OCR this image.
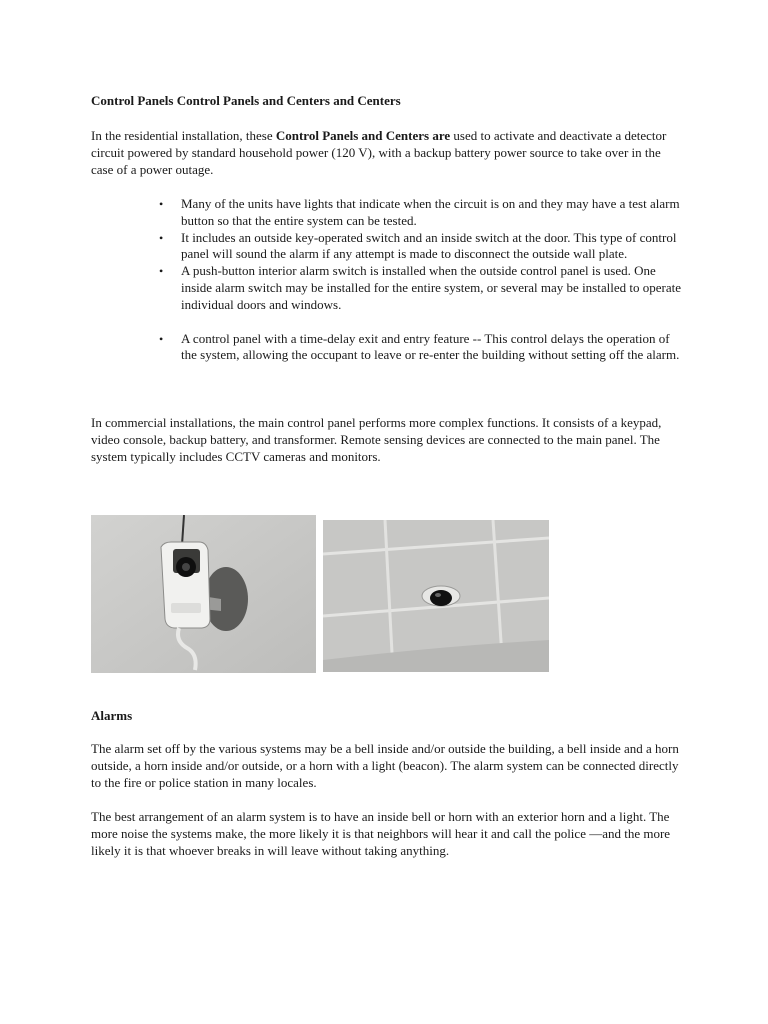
Control Panels Control Panels and Centers and Centers

In the residential installation, these Control Panels and Centers are used to activate and deactivate a detector circuit powered by standard household power (120 V), with a backup battery power source to take over in the case of a power outage.

• Many of the units have lights that indicate when the circuit is on and they may have a test alarm button so that the entire system can be tested.
• It includes an outside key-operated switch and an inside switch at the door. This type of control panel will sound the alarm if any attempt is made to disconnect the outside wall plate.
• A push-button interior alarm switch is installed when the outside control panel is used. One inside alarm switch may be installed for the entire system, or several may be installed to operate individual doors and windows.
• A control panel with a time-delay exit and entry feature -- This control delays the operation of the system, allowing the occupant to leave or re-enter the building without setting off the alarm.

In commercial installations, the main control panel performs more complex functions. It consists of a keypad, video console, backup battery, and transformer. Remote sensing devices are connected to the main panel. The system typically includes CCTV cameras and monitors.

Alarms

The alarm set off by the various systems may be a bell inside and/or outside the building, a bell inside and a horn outside, a horn inside and/or outside, or a horn with a light (beacon). The alarm system can be connected directly to the fire or police station in many locales.

The best arrangement of an alarm system is to have an inside bell or horn with an exterior horn and a light. The more noise the systems make, the more likely it is that neighbors will hear it and call the police —and the more likely it is that whoever breaks in will leave without taking anything.
